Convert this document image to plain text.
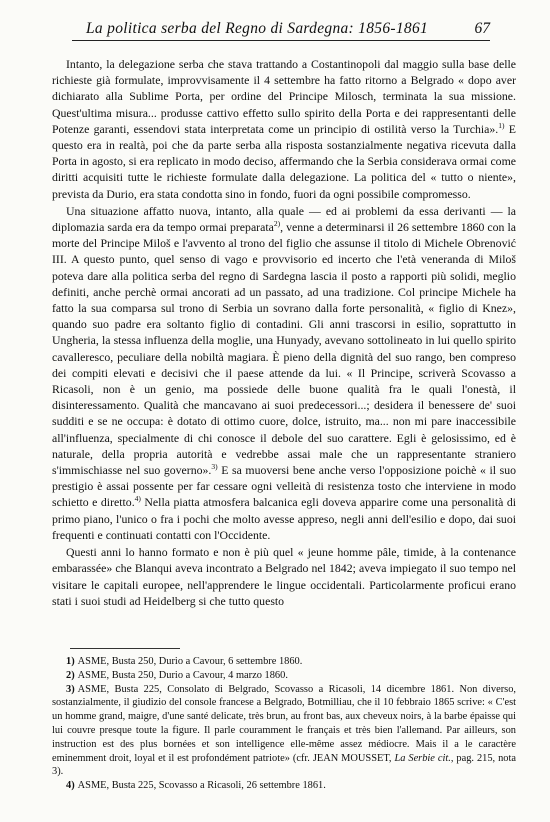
La politica serba del Regno di Sardegna: 1856-1861	67

Intanto, la delegazione serba che stava trattando a Costantinopoli dal maggio sulla base delle richieste già formulate, improvvisamente il 4 settembre ha fatto ritorno a Belgrado « dopo aver dichiarato alla Sublime Porta, per ordine del Principe Milosch, terminata la sua missione. Quest'ultima misura... produsse cattivo effetto sullo spirito della Porta e dei rappresentanti delle Potenze garanti, essendovi stata interpretata come un principio di ostilità verso la Turchia».$^{1)}$ E questo era in realtà, poi che da parte serba alla risposta sostanzialmente negativa ricevuta dalla Porta in agosto, si era replicato in modo deciso, affermando che la Serbia considerava ormai come diritti acquisiti tutte le richieste formulate dalla delegazione. La politica del « tutto o niente», prevista da Durio, era stata condotta sino in fondo, fuori da ogni possibile compromesso.

Una situazione affatto nuova, intanto, alla quale — ed ai problemi da essa derivanti — la diplomazia sarda era da tempo ormai preparata$^{2)}$, venne a determinarsi il 26 settembre 1860 con la morte del Principe Miloš e l'avvento al trono del figlio che assunse il titolo di Michele Obrenović III. A questo punto, quel senso di vago e provvisorio ed incerto che l'età veneranda di Miloš poteva dare alla politica serba del regno di Sardegna lascia il posto a rapporti più solidi, meglio definiti, anche perchè ormai ancorati ad un passato, ad una tradizione. Col principe Michele ha fatto la sua comparsa sul trono di Serbia un sovrano dalla forte personalità, « figlio di Knez», quando suo padre era soltanto figlio di contadini. Gli anni trascorsi in esilio, soprattutto in Ungheria, la stessa influenza della moglie, una Hunyady, avevano sottolineato in lui quello spirito cavalleresco, peculiare della nobiltà magiara. È pieno della dignità del suo rango, ben compreso dei compiti elevati e decisivi che il paese attende da lui. « Il Principe, scriverà Scovasso a Ricasoli, non è un genio, ma possiede delle buone qualità fra le quali l'onestà, il disinteressamento. Qualità che mancavano ai suoi predecessori...; desidera il benessere de' suoi sudditi e se ne occupa: è dotato di ottimo cuore, dolce, istruito, ma... non mi pare inaccessibile all'influenza, specialmente di chi conosce il debole del suo carattere. Egli è gelosissimo, ed è naturale, della propria autorità e vedrebbe assai male che un rappresentante straniero s'immischiasse nel suo governo».$^{3)}$ E sa muoversi bene anche verso l'opposizione poichè « il suo prestigio è assai possente per far cessare ogni velleità di resistenza tosto che interviene in modo schietto e diretto.$^{4)}$ Nella piatta atmosfera balcanica egli doveva apparire come una personalità di primo piano, l'unico o fra i pochi che molto avesse appreso, negli anni dell'esilio e dopo, dai suoi frequenti e continuati contatti con l'Occidente.

Questi anni lo hanno formato e non è più quel « jeune homme pâle, timide, à la contenance embarassée» che Blanqui aveva incontrato a Belgrado nel 1842; aveva impiegato il suo tempo nel visitare le capitali europee, nell'apprendere le lingue occidentali. Particolarmente proficui erano stati i suoi studi ad Heidelberg si che tutto questo

1) ASME, Busta 250, Durio a Cavour, 6 settembre 1860.

2) ASME, Busta 250, Durio a Cavour, 4 marzo 1860.

3) ASME, Busta 225, Consolato di Belgrado, Scovasso a Ricasoli, 14 dicembre 1861. Non diverso, sostanzialmente, il giudizio del console francese a Belgrado, Botmilliau, che il 10 febbraio 1865 scrive: « C'est un homme grand, maigre, d'une santé delicate, très brun, au front bas, aux cheveux noirs, à la barbe épaisse qui lui couvre presque toute la figure. Il parle couramment le français et très bien l'allemand. Par ailleurs, son instruction est des plus bornées et son intelligence elle-même assez médiocre. Mais il a le caractère eminemment droit, loyal et il est profondément patriote» (cfr. JEAN MOUSSET, La Serbie cit., pag. 215, nota 3).

4) ASME, Busta 225, Scovasso a Ricasoli, 26 settembre 1861.
